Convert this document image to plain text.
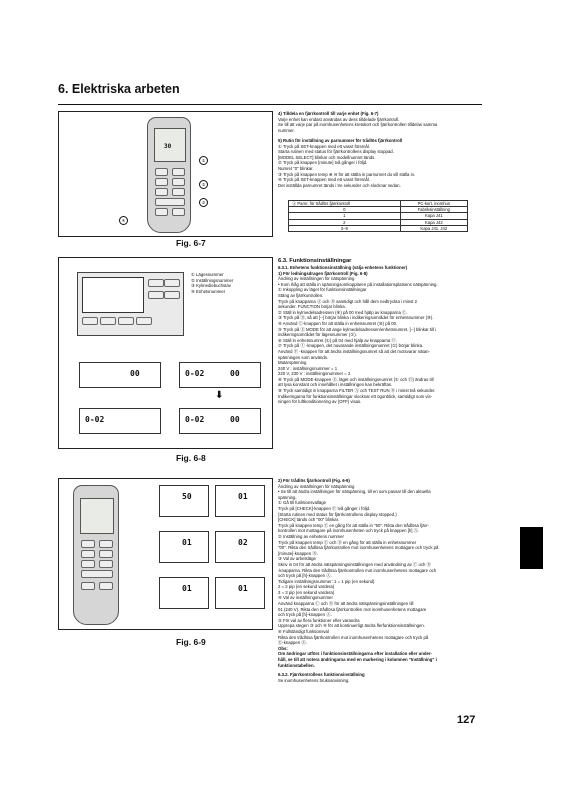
6. Elektriska arbeten
30
①
②
③
④
Fig. 6-7
① Lägesnummer
② Inställningsnummer
③ Kylmediebuchstav
④ Enhetsnummer
00	0-02	00
⬇
0-02	0-02	00
Fig. 6-8
50	01
01	02
01	01
Fig. 6-9
4) Tilldela en fjärrkontroll till varje enhet (Fig. 6-7)
Varje enhet kan endast användas av dess tilldelade fjärrkontroll.
Se till att varje par på inomhusenhetens kretskort och fjärrkontrollen tilldelas samma
nummer.
5) Rutin för inställning av parnummer för trådlös fjärrkontroll
① Tryck på SET-knappen med ett vasst föremål.
Starta rutinen med status för fjärrkontrollens display stoppad.
[MODEL SELECT] blinkar och modellnumret tänds.
② Tryck på knappen [minute] två gånger i följd.
Numret "0" blinkar.
③ Tryck på knappen temp ⊕ ⊖ för att ställa in parnumret du vill ställa in.
④ Tryck på SET-knappen med ett vasst föremål.
Det inställda parnumret tänds i tre sekunder och slocknar sedan.
Ⓐ Parnr. för trådlös fjärrkontroll	PC-kort, inomhus
0	Fabriksinställning
1	Kapa J41
2	Kapa J42
3–9	Kapa J41, J42
6.3. Funktionsinställningar
6.3.1. Enhetens funktionsinställning (välja enhetens funktioner)
1) För ledningsdragen fjärrkontroll (Fig. 6-8)
Ändring av inställningen för nätspänning
• Kom ihåg att ställa in spänningsomkopplaren på installationsplatsens nätspänning.
① Inkoppling av läget för funktionsinställningar
Stäng av fjärrkontrollen.
Tryck på knapparna Ⓐ och Ⓑ samtidigt och håll dem nedtryckta i minst 2
sekunder. FUNCTION börjar blinka.
② Ställ in kylmedelsadressen (⑧) på 00 med hjälp av knapparna Ⓒ.
③ Tryck på Ⓓ, så att [--] börjar blinka i indikeringsområdet för enhetsnummer (⑩).
④ Använd Ⓒ-knappen för att ställa in enhetsnumret (⑩) på 00.
⑤ Tryck på Ⓔ MODE för att ange kylmedelsadressen/enhetsnumret. [--] blinkar till i
indikeringsområdet för lägesnummer (①).
⑥ Ställ in enhetsnumret (①) på 04 med hjälp av knapparna Ⓖ.
⑦ Tryck på Ⓘ -knappen, det nuvarande inställningsnumret (①) börjar blinka.
Använd Ⓕ -knappen för att ändra inställningsnumret så att det motsvarar nätan-
spänningen som används.
Matarspänning
240 V : inställningsnummer = 1
220 V, 230 V : inställningsnummer = 2
⑧ Tryck på MODE-knappen Ⓔ, läget och inställningsnumret (① och ⑪) ändras till
att lysa konstant och innehållet i inställningen kan bekräftas.
⑨ Tryck samtidigt in knapparna FILTER Ⓐ och TEST RUN Ⓑ i minst två sekunder.
Indikeringarna för funktionsinställningar slocknar ett ögonblick, samtidigt som vis-
ningen för luftkonditionering av (OFF) visas.
2) För trådlös fjärrkontroll (Fig. 6-9)
Ändring av inställningen för nätspänning
• Se till att ändra inställningen för nätspänning, till en som passar till den aktuella
spänning.
① Gå till funktionsvalläge
Tryck på [CHECK]-knappen Ⓕ två gånger i följd.
(Starta rutinen med status för fjärrkontrollens display stopped.)
[CHECK] tänds och "00" blinkar.
Tryck på knappen temp Ⓒ en gång för att ställa in "50". Rikta den trådlösa fjärr-
kontrollen mot mottagare på inomhusenheten och tryck på knappen [h] Ⓐ.
② Inställning av enhetens nummer
Tryck på knappen temp Ⓒ och Ⓓ en gång för att ställa in enhetsnummer
"00". Rikta den trådlösa fjärrkontrollen mot inomhusenhetens mottagare och tryck på
[minute]-knappen Ⓑ.
③ Val av arbetsläge
Skriv in 04 för att ändra nätspänningsinställningen med användning av Ⓒ och Ⓓ
-knapparna. Rikta den trådlösa fjärrkontrollen mot inomhusenhetens mottagare och
och tryck på [h]-knappen Ⓐ.
Tidigare inställningsnummer: 1 = 1 pip (en sekund)
2 = 2 pip (en sekund vardera)
3 = 3 pip (en sekund vardera)
④ Val av inställningsnummer
Använd knapparna Ⓒ och Ⓓ för att ändra nätspänningsinställningen till
01 (240 V). Rikta den trådlösa fjärrkontrollen mot inomhusenhetens mottagare
och tryck på [h]-knappen Ⓐ.
⑤ För val av flera funktioner efter varandra
Upprepa stegen ③ och ④ för att kontinuerligt ändra flerfunktionsinställningen.
⑥ Fullständigt funktionsval
Rikta den trådlösa fjärrkontrollen mot inomhusenhetens mottagare och tryck på
Ⓔ-knappen Ⓔ.
Obs:
Om ändringar utförs i funktionsinställningarna efter installation eller under-
håll, se till att notera ändringarna med en markering i kolumnen "Inställning" i
funktionstabellen.
6.3.2. Fjärrkontrollens funktionsinställning
Se inomhusenhetens bruksanvisning.
127
